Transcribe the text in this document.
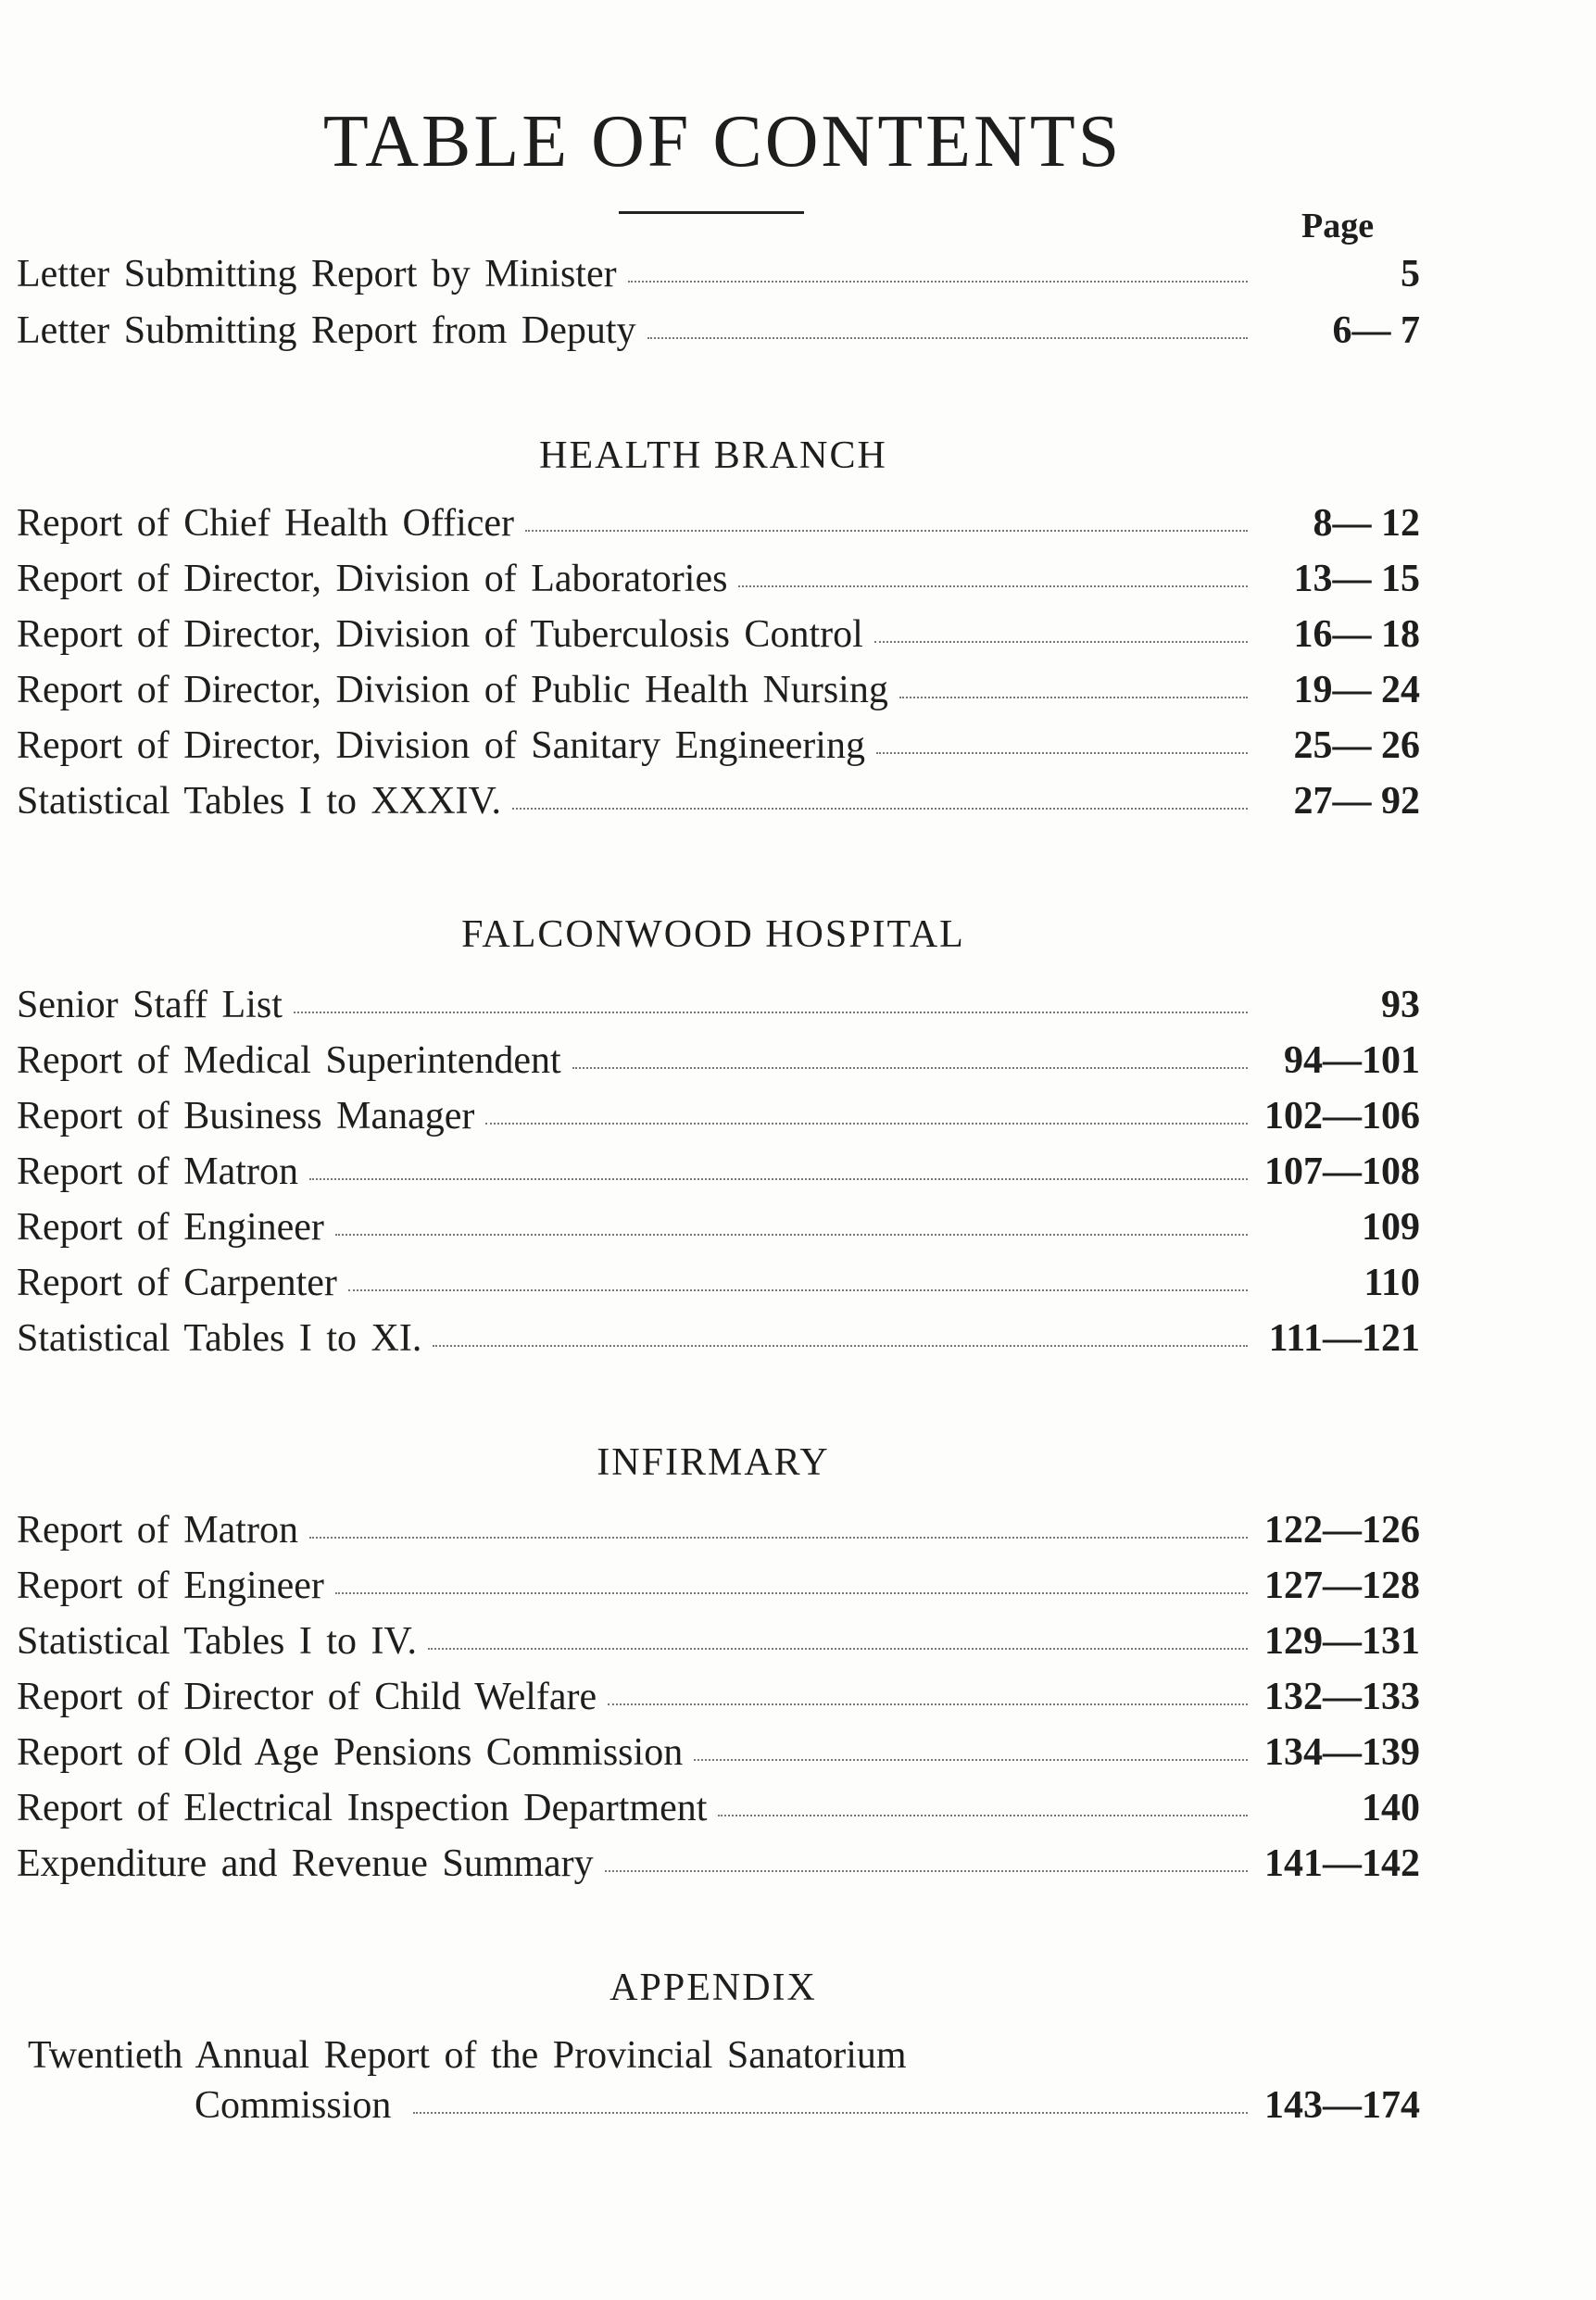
TABLE OF CONTENTS
Page
Letter Submitting Report by Minister	5
Letter Submitting Report from Deputy	6— 7
HEALTH BRANCH
Report of Chief Health Officer	8— 12
Report of Director, Division of Laboratories	13— 15
Report of Director, Division of Tuberculosis Control	16— 18
Report of Director, Division of Public Health Nursing	19— 24
Report of Director, Division of Sanitary Engineering	25— 26
Statistical Tables I to XXXIV.	27— 92
FALCONWOOD HOSPITAL
Senior Staff List	93
Report of Medical Superintendent	94—101
Report of Business Manager	102—106
Report of Matron	107—108
Report of Engineer	109
Report of Carpenter	110
Statistical Tables I to XI.	111—121
INFIRMARY
Report of Matron	122—126
Report of Engineer	127—128
Statistical Tables I to IV.	129—131
Report of Director of Child Welfare	132—133
Report of Old Age Pensions Commission	134—139
Report of Electrical Inspection Department	140
Expenditure and Revenue Summary	141—142
APPENDIX
Twentieth Annual Report of the Provincial Sanatorium
Commission	143—174
